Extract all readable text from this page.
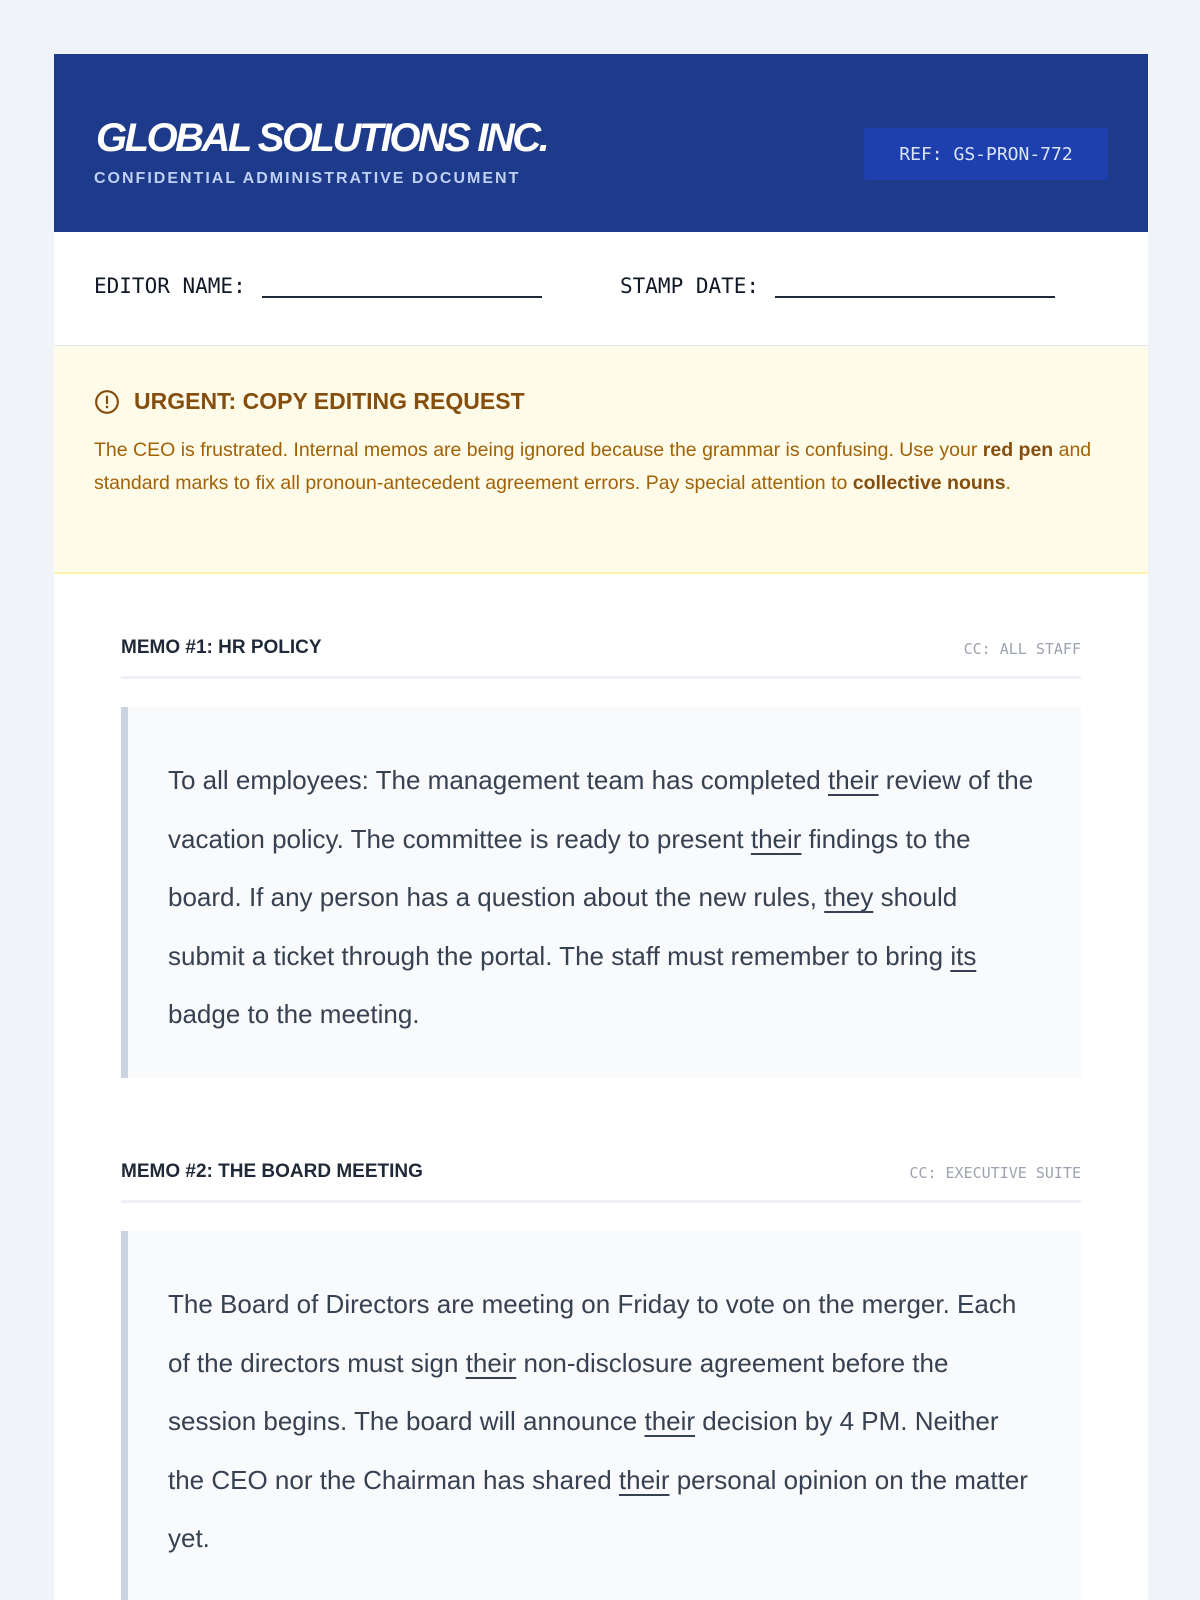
GLOBAL SOLUTIONS INC.
CONFIDENTIAL ADMINISTRATIVE DOCUMENT
REF: GS-PRON-772
EDITOR NAME:	STAMP DATE:
URGENT: COPY EDITING REQUEST
The CEO is frustrated. Internal memos are being ignored because the grammar is confusing. Use your red pen and standard marks to fix all pronoun-antecedent agreement errors. Pay special attention to collective nouns.
MEMO #1: HR POLICY	CC: ALL STAFF
To all employees: The management team has completed their review of the vacation policy. The committee is ready to present their findings to the board. If any person has a question about the new rules, they should submit a ticket through the portal. The staff must remember to bring its badge to the meeting.
MEMO #2: THE BOARD MEETING	CC: EXECUTIVE SUITE
The Board of Directors are meeting on Friday to vote on the merger. Each of the directors must sign their non-disclosure agreement before the session begins. The board will announce their decision by 4 PM. Neither the CEO nor the Chairman has shared their personal opinion on the matter yet.
